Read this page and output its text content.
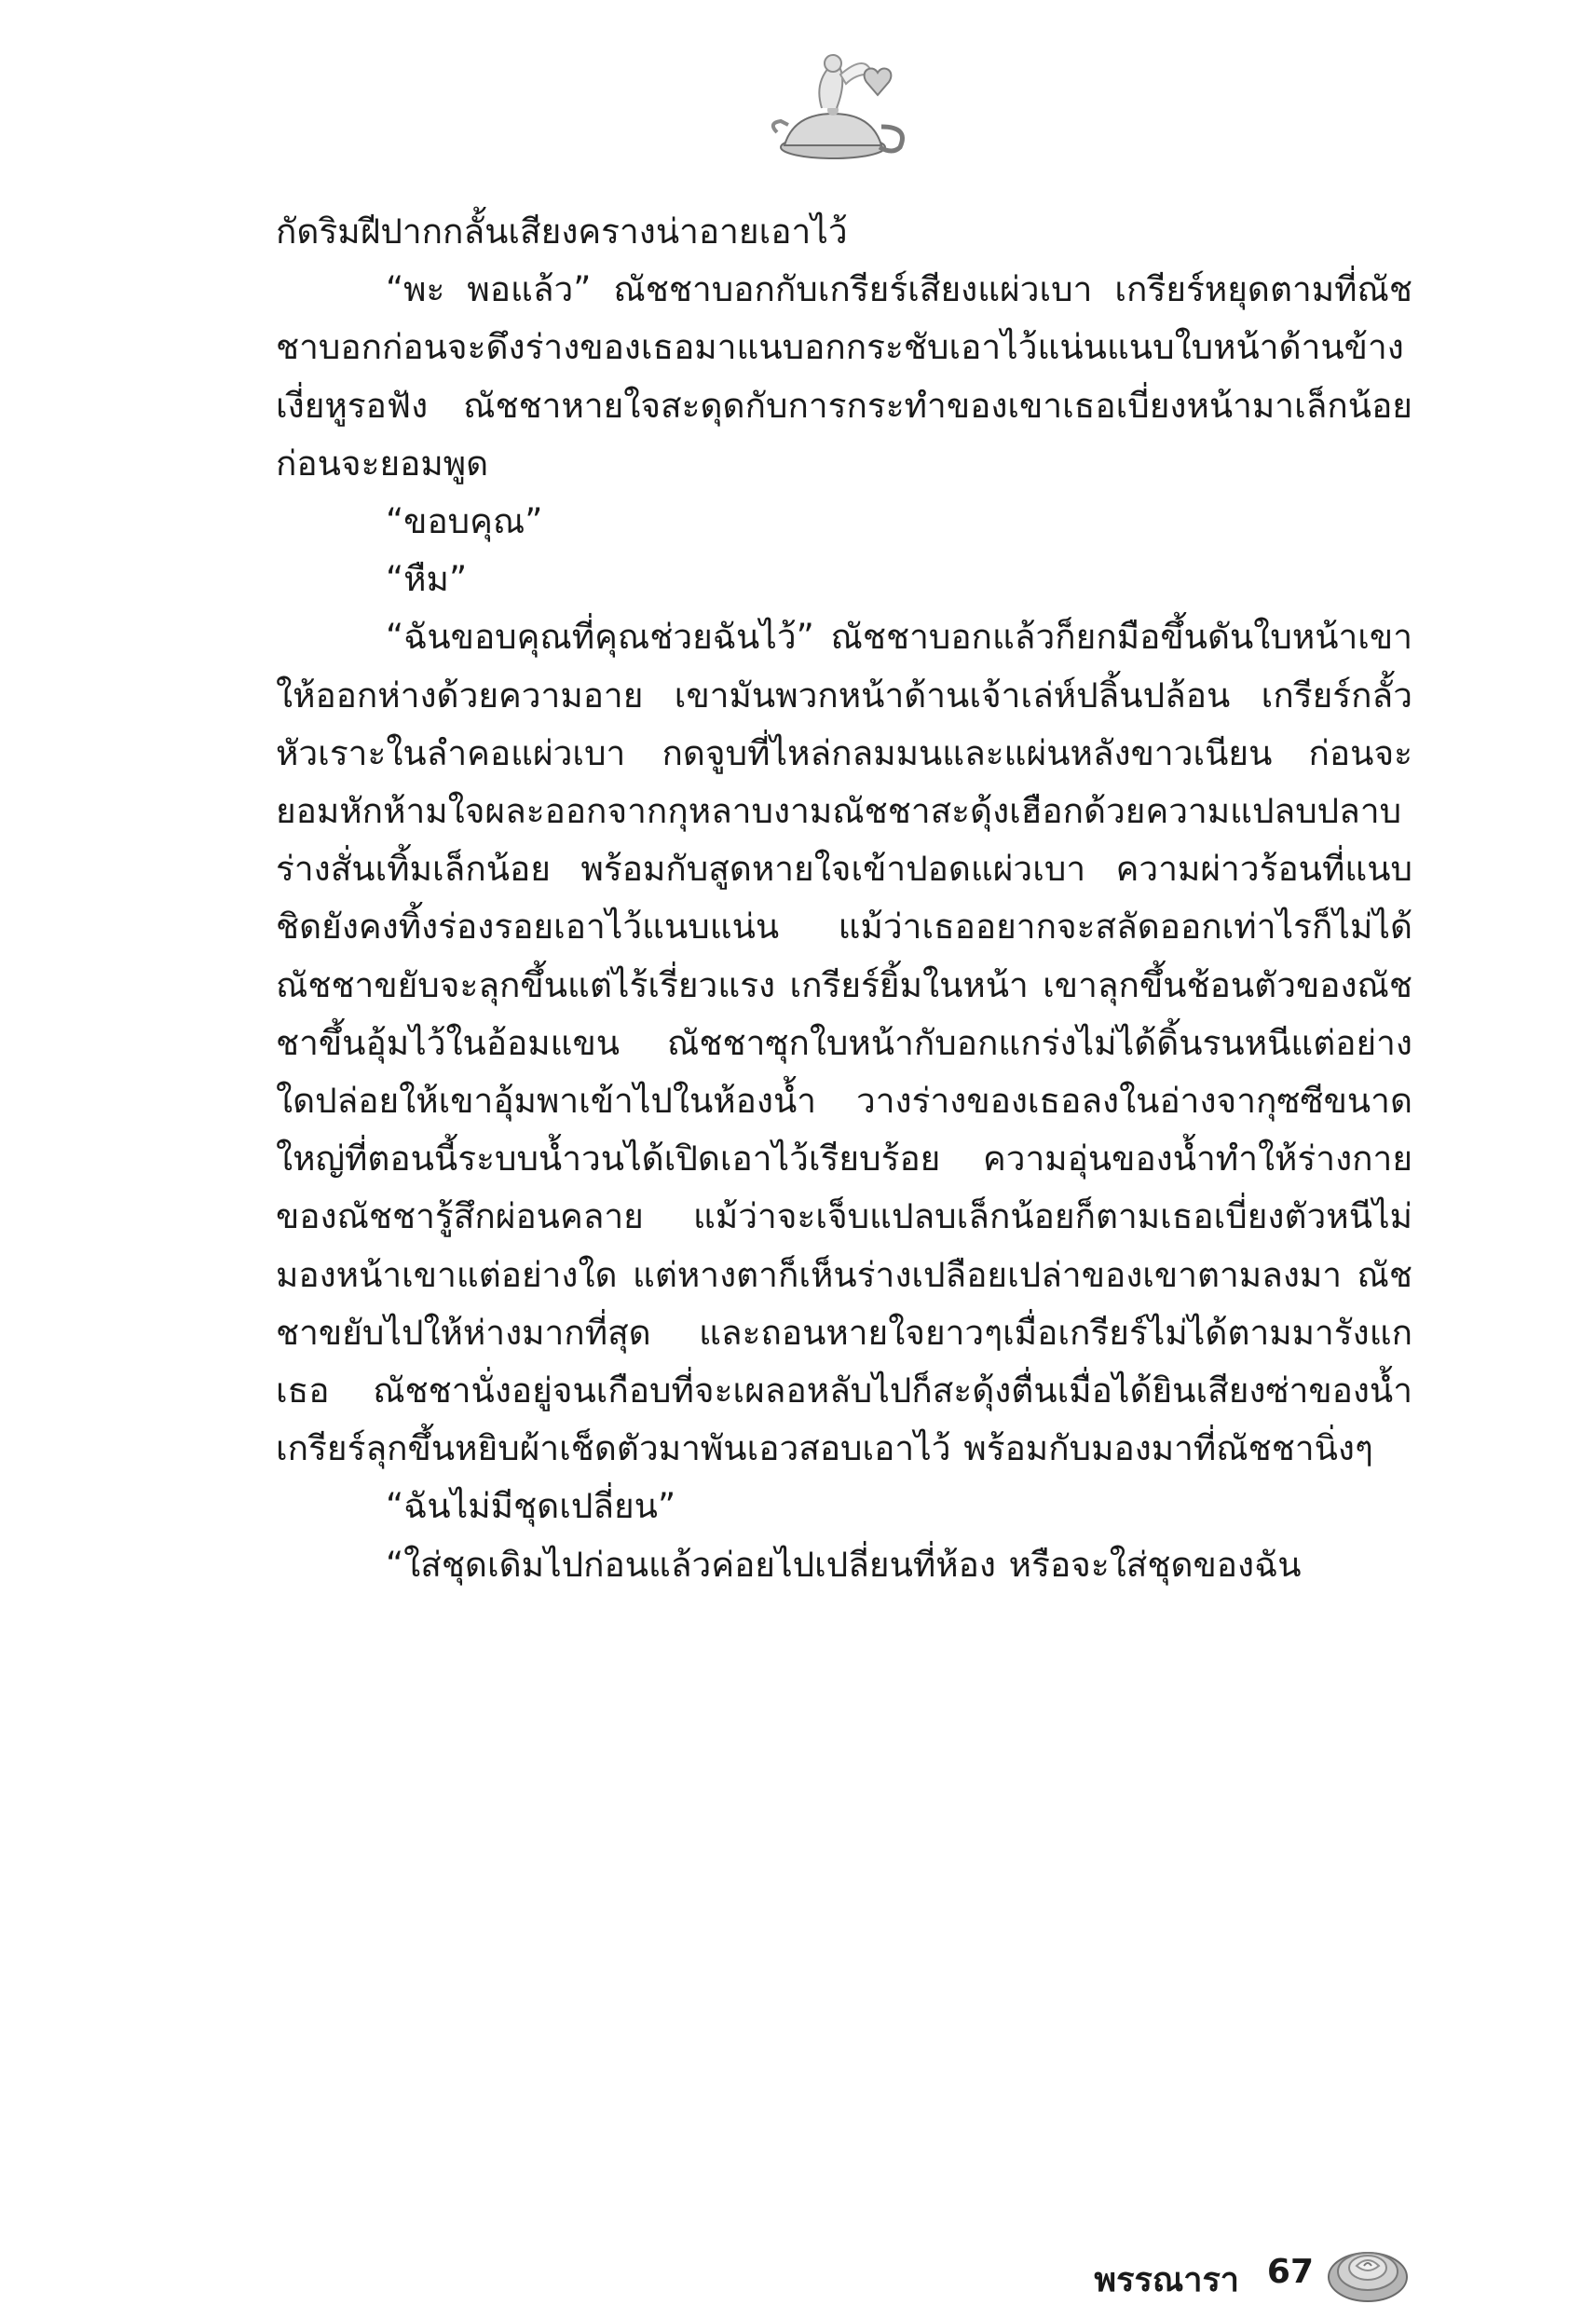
กัดริมฝีปากกลั้นเสียงครางน่าอายเอาไว้

“พะ พอแล้ว” ณัชชาบอกกับเกรียร์เสียงแผ่วเบา เกรียร์หยุดตามที่ณัชชาบอกก่อนจะดึงร่างของเธอมาแนบอกกระชับเอาไว้แน่นแนบใบหน้าด้านข้างเงี่ยหูรอฟัง ณัชชาหายใจสะดุดกับการกระทำของเขาเธอเบี่ยงหน้ามาเล็กน้อย ก่อนจะยอมพูด

“ขอบคุณ”

“หืม”

“ฉันขอบคุณที่คุณช่วยฉันไว้” ณัชชาบอกแล้วก็ยกมือขึ้นดันใบหน้าเขาให้ออกห่างด้วยความอาย เขามันพวกหน้าด้านเจ้าเล่ห์ปลิ้นปล้อน เกรียร์กลั้วหัวเราะในลำคอแผ่วเบา กดจูบที่ไหล่กลมมนและแผ่นหลังขาวเนียน ก่อนจะยอมหักห้ามใจผละออกจากกุหลาบงามณัชชาสะดุ้งเฮือกด้วยความแปลบปลาบ ร่างสั่นเทิ้มเล็กน้อย พร้อมกับสูดหายใจเข้าปอดแผ่วเบา ความผ่าวร้อนที่แนบชิดยังคงทิ้งร่องรอยเอาไว้แนบแน่น แม้ว่าเธออยากจะสลัดออกเท่าไรก็ไม่ได้ ณัชชาขยับจะลุกขึ้นแต่ไร้เรี่ยวแรง เกรียร์ยิ้มในหน้า เขาลุกขึ้นช้อนตัวของณัชชาขึ้นอุ้มไว้ในอ้อมแขน ณัชชาซุกใบหน้ากับอกแกร่งไม่ได้ดิ้นรนหนีแต่อย่างใดปล่อยให้เขาอุ้มพาเข้าไปในห้องน้ำ วางร่างของเธอลงในอ่างจากุซซีขนาดใหญ่ที่ตอนนี้ระบบน้ำวนได้เปิดเอาไว้เรียบร้อย ความอุ่นของน้ำทำให้ร่างกายของณัชชารู้สึกผ่อนคลาย แม้ว่าจะเจ็บแปลบเล็กน้อยก็ตามเธอเบี่ยงตัวหนีไม่มองหน้าเขาแต่อย่างใด แต่หางตาก็เห็นร่างเปลือยเปล่าของเขาตามลงมา ณัชชาขยับไปให้ห่างมากที่สุด และถอนหายใจยาวๆเมื่อเกรียร์ไม่ได้ตามมารังแกเธอ ณัชชานั่งอยู่จนเกือบที่จะเผลอหลับไปก็สะดุ้งตื่นเมื่อได้ยินเสียงซ่าของน้ำ เกรียร์ลุกขึ้นหยิบผ้าเช็ดตัวมาพันเอวสอบเอาไว้ พร้อมกับมองมาที่ณัชชานิ่งๆ

“ฉันไม่มีชุดเปลี่ยน”

“ใส่ชุดเดิมไปก่อนแล้วค่อยไปเปลี่ยนที่ห้อง หรือจะใส่ชุดของฉัน

พรรณารา 67
